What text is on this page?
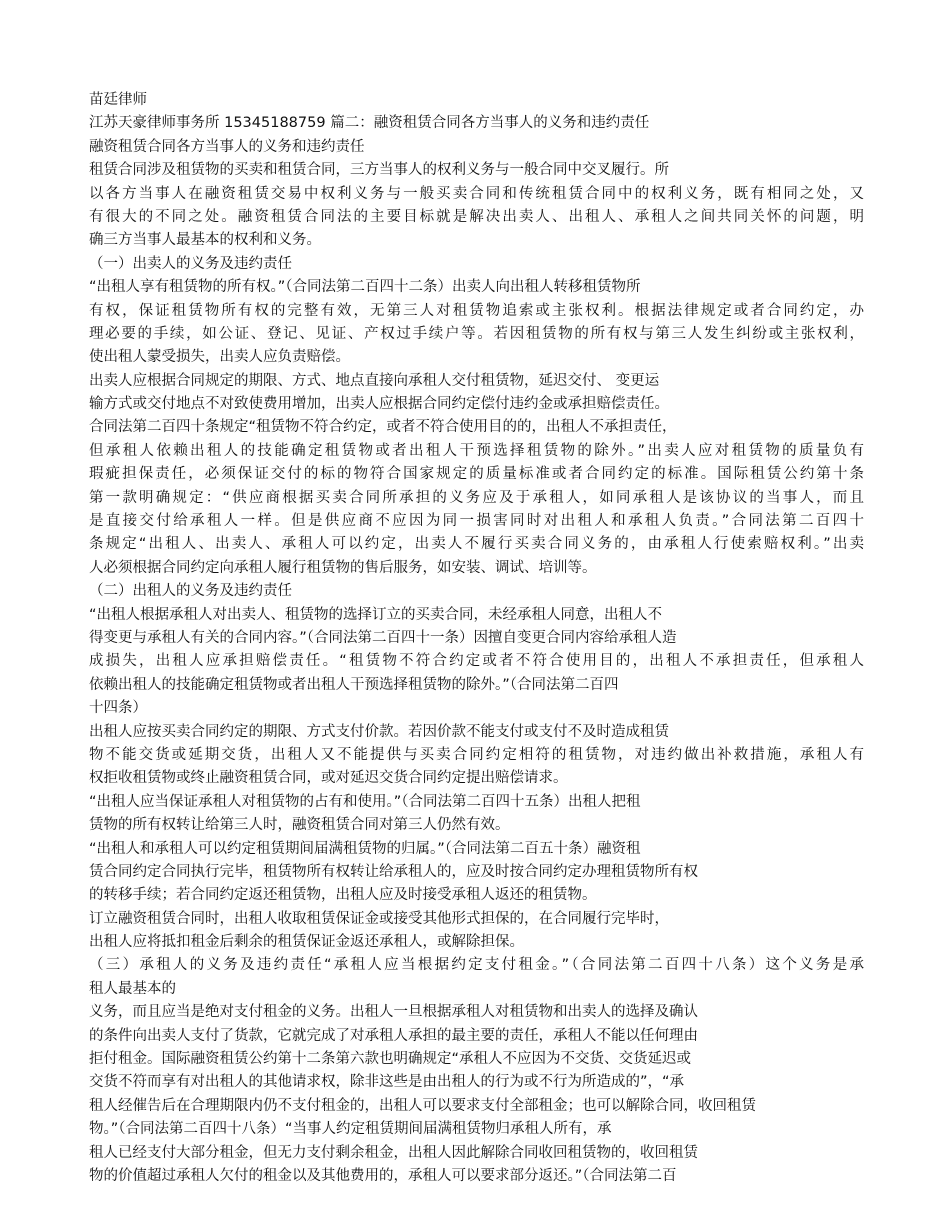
苗廷律师
江苏天豪律师事务所 15345188759 篇二：融资租赁合同各方当事人的义务和违约责任
融资租赁合同各方当事人的义务和违约责任
租赁合同涉及租赁物的买卖和租赁合同，三方当事人的权利义务与一般合同中交叉履行。所
以各方当事人在融资租赁交易中权利义务与一般买卖合同和传统租赁合同中的权利义务，既有相同之处，又
有很大的不同之处。融资租赁合同法的主要目标就是解决出卖人、出租人、承租人之间共同关怀的问题，明
确三方当事人最基本的权利和义务。
（一）出卖人的义务及违约责任
“出租人享有租赁物的所有权。”（合同法第二百四十二条）出卖人向出租人转移租赁物所
有权，保证租赁物所有权的完整有效，无第三人对租赁物追索或主张权利。根据法律规定或者合同约定，办
理必要的手续，如公证、登记、见证、产权过手续户等。若因租赁物的所有权与第三人发生纠纷或主张权利，
使出租人蒙受损失，出卖人应负责赔偿。
出卖人应根据合同规定的期限、方式、地点直接向承租人交付租赁物，延迟交付、 变更运
输方式或交付地点不对致使费用增加，出卖人应根据合同约定偿付违约金或承担赔偿责任。
合同法第二百四十条规定“租赁物不符合约定，或者不符合使用目的的，出租人不承担责任，
但承租人依赖出租人的技能确定租赁物或者出租人干预选择租赁物的除外。”出卖人应对租赁物的质量负有
瑕疵担保责任，必须保证交付的标的物符合国家规定的质量标准或者合同约定的标准。国际租赁公约第十条
第一款明确规定：“供应商根据买卖合同所承担的义务应及于承租人，如同承租人是该协议的当事人，而且
是直接交付给承租人一样。但是供应商不应因为同一损害同时对出租人和承租人负责。”合同法第二百四十
条规定“出租人、出卖人、承租人可以约定，出卖人不履行买卖合同义务的，由承租人行使索赔权利。”出卖
人必须根据合同约定向承租人履行租赁物的售后服务，如安装、调试、培训等。
（二）出租人的义务及违约责任
“出租人根据承租人对出卖人、租赁物的选择订立的买卖合同，未经承租人同意，出租人不
得变更与承租人有关的合同内容。”（合同法第二百四十一条）因擅自变更合同内容给承租人造
成损失，出租人应承担赔偿责任。“租赁物不符合约定或者不符合使用目的，出租人不承担责任，但承租人
依赖出租人的技能确定租赁物或者出租人干预选择租赁物的除外。”（合同法第二百四
十四条）
出租人应按买卖合同约定的期限、方式支付价款。若因价款不能支付或支付不及时造成租赁
物不能交货或延期交货，出租人又不能提供与买卖合同约定相符的租赁物，对违约做出补救措施，承租人有
权拒收租赁物或终止融资租赁合同，或对延迟交货合同约定提出赔偿请求。
“出租人应当保证承租人对租赁物的占有和使用。”（合同法第二百四十五条）出租人把租
赁物的所有权转让给第三人时，融资租赁合同对第三人仍然有效。
“出租人和承租人可以约定租赁期间届满租赁物的归属。”（合同法第二百五十条）融资租
赁合同约定合同执行完毕，租赁物所有权转让给承租人的，应及时按合同约定办理租赁物所有权
的转移手续；若合同约定返还租赁物，出租人应及时接受承租人返还的租赁物。
订立融资租赁合同时，出租人收取租赁保证金或接受其他形式担保的，在合同履行完毕时，
出租人应将抵扣租金后剩余的租赁保证金返还承租人，或解除担保。
（三）承租人的义务及违约责任“承租人应当根据约定支付租金。”（合同法第二百四十八条）这个义务是承
租人最基本的
义务，而且应当是绝对支付租金的义务。出租人一旦根据承租人对租赁物和出卖人的选择及确认
的条件向出卖人支付了货款，它就完成了对承租人承担的最主要的责任，承租人不能以任何理由
拒付租金。国际融资租赁公约第十二条第六款也明确规定“承租人不应因为不交货、交货延迟或
交货不符而享有对出租人的其他请求权，除非这些是由出租人的行为或不行为所造成的”，“承
租人经催告后在合理期限内仍不支付租金的，出租人可以要求支付全部租金；也可以解除合同，收回租赁
物。”（合同法第二百四十八条）“当事人约定租赁期间届满租赁物归承租人所有，承
租人已经支付大部分租金，但无力支付剩余租金，出租人因此解除合同收回租赁物的，收回租赁
物的价值超过承租人欠付的租金以及其他费用的，承租人可以要求部分返还。”（合同法第二百
